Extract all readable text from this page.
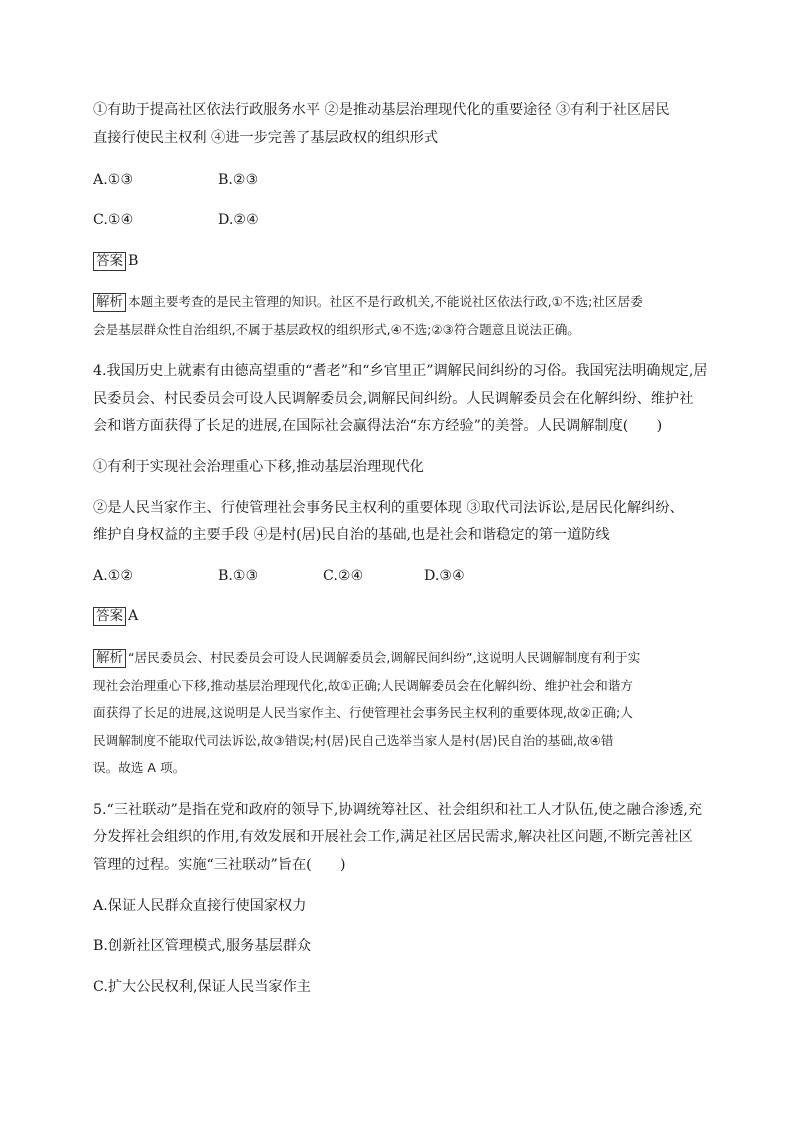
①有助于提高社区依法行政服务水平 ②是推动基层治理现代化的重要途径 ③有利于社区居民
直接行使民主权利 ④进一步完善了基层政权的组织形式
A.①③	B.②③
C.①④	D.②④
答案 B
解析 本题主要考查的是民主管理的知识。社区不是行政机关,不能说社区依法行政,①不选;社区居委
会是基层群众性自治组织,不属于基层政权的组织形式,④不选;②③符合题意且说法正确。
4.我国历史上就素有由德高望重的“耆老”和“乡官里正”调解民间纠纷的习俗。我国宪法明确规定,居
民委员会、村民委员会可设人民调解委员会,调解民间纠纷。人民调解委员会在化解纠纷、维护社
会和谐方面获得了长足的进展,在国际社会赢得法治“东方经验”的美誉。人民调解制度(　　)
①有利于实现社会治理重心下移,推动基层治理现代化
②是人民当家作主、行使管理社会事务民主权利的重要体现 ③取代司法诉讼,是居民化解纠纷、
维护自身权益的主要手段 ④是村(居)民自治的基础,也是社会和谐稳定的第一道防线
A.①②	B.①③	C.②④	D.③④
答案 A
解析 “居民委员会、村民委员会可设人民调解委员会,调解民间纠纷”,这说明人民调解制度有利于实
现社会治理重心下移,推动基层治理现代化,故①正确;人民调解委员会在化解纠纷、维护社会和谐方
面获得了长足的进展,这说明是人民当家作主、行使管理社会事务民主权利的重要体现,故②正确;人
民调解制度不能取代司法诉讼,故③错误;村(居)民自己选举当家人是村(居)民自治的基础,故④错
误。故选 A 项。
5.“三社联动”是指在党和政府的领导下,协调统筹社区、社会组织和社工人才队伍,使之融合渗透,充
分发挥社会组织的作用,有效发展和开展社会工作,满足社区居民需求,解决社区问题,不断完善社区
管理的过程。实施“三社联动”旨在(　　)
A.保证人民群众直接行使国家权力
B.创新社区管理模式,服务基层群众
C.扩大公民权利,保证人民当家作主
